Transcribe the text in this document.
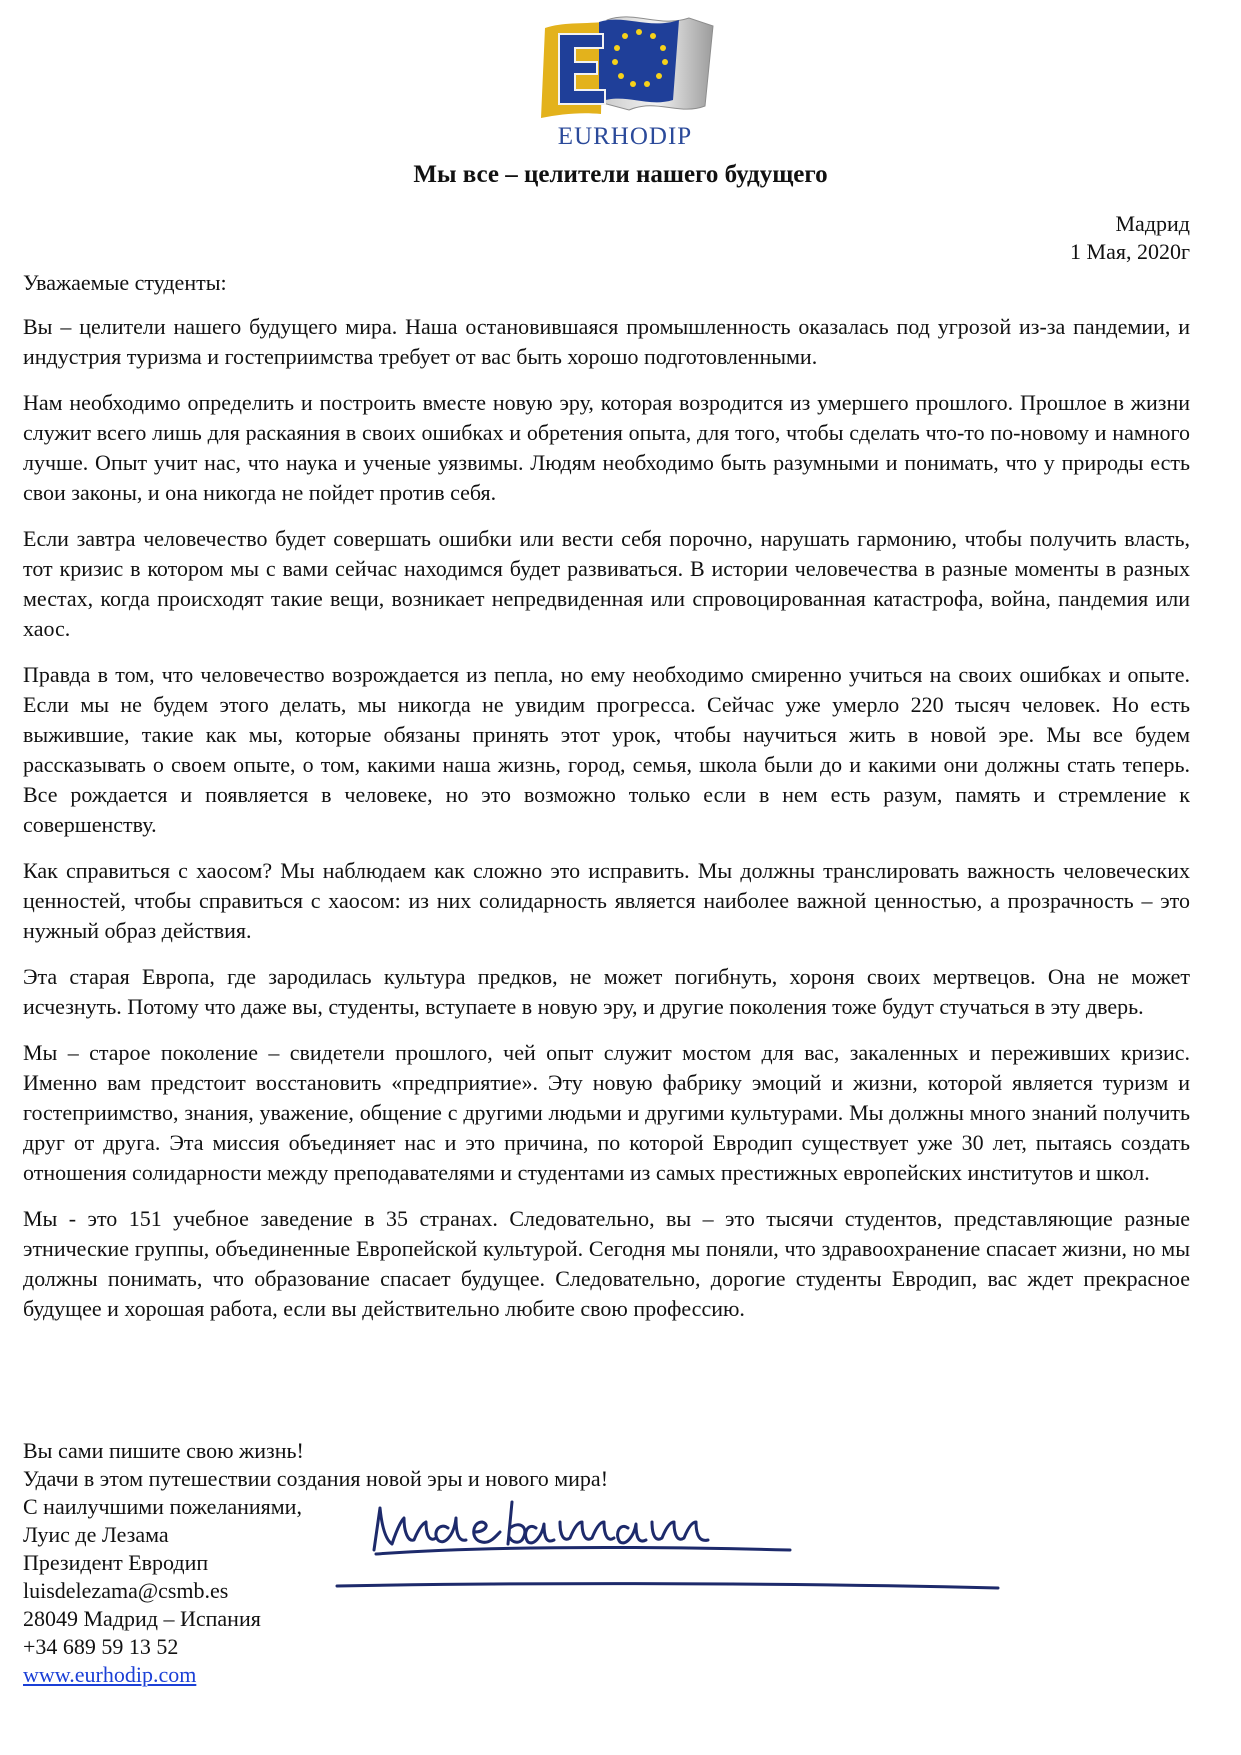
EURHODIP
Мы все – целители нашего будущего
Мадрид
1 Мая, 2020г

Уважаемые студенты:

Вы – целители нашего будущего мира. Наша остановившаяся промышленность оказалась под угрозой из-за пандемии, и индустрия туризма и гостеприимства требует от вас быть хорошо подготовленными.

Нам необходимо определить и построить вместе новую эру, которая возродится из умершего прошлого. Прошлое в жизни служит всего лишь для раскаяния в своих ошибках и обретения опыта, для того, чтобы сделать что-то по-новому и намного лучше. Опыт учит нас, что наука и ученые уязвимы. Людям необходимо быть разумными и понимать, что у природы есть свои законы, и она никогда не пойдет против себя.

Если завтра человечество будет совершать ошибки или вести себя порочно, нарушать гармонию, чтобы получить власть, тот кризис в котором мы с вами сейчас находимся будет развиваться. В истории человечества в разные моменты в разных местах, когда происходят такие вещи, возникает непредвиденная или спровоцированная катастрофа, война, пандемия или хаос.

Правда в том, что человечество возрождается из пепла, но ему необходимо смиренно учиться на своих ошибках и опыте. Если мы не будем этого делать, мы никогда не увидим прогресса. Сейчас уже умерло 220 тысяч человек. Но есть выжившие, такие как мы, которые обязаны принять этот урок, чтобы научиться жить в новой эре. Мы все будем рассказывать о своем опыте, о том, какими наша жизнь, город, семья, школа были до и какими они должны стать теперь. Все рождается и появляется в человеке, но это возможно только если в нем есть разум, память и стремление к совершенству.

Как справиться с хаосом? Мы наблюдаем как сложно это исправить. Мы должны транслировать важность человеческих ценностей, чтобы справиться с хаосом: из них солидарность является наиболее важной ценностью, а прозрачность – это нужный образ действия.

Эта старая Европа, где зародилась культура предков, не может погибнуть, хороня своих мертвецов. Она не может исчезнуть. Потому что даже вы, студенты, вступаете в новую эру, и другие поколения тоже будут стучаться в эту дверь.

Мы – старое поколение – свидетели прошлого, чей опыт служит мостом для вас, закаленных и переживших кризис. Именно вам предстоит восстановить «предприятие». Эту новую фабрику эмоций и жизни, которой является туризм и гостеприимство, знания, уважение, общение с другими людьми и другими культурами. Мы должны много знаний получить друг от друга. Эта миссия объединяет нас и это причина, по которой Евродип существует уже 30 лет, пытаясь создать отношения солидарности между преподавателями и студентами из самых престижных европейских институтов и школ.

Мы - это 151 учебное заведение в 35 странах. Следовательно, вы – это тысячи студентов, представляющие разные этнические группы, объединенные Европейской культурой. Сегодня мы поняли, что здравоохранение спасает жизни, но мы должны понимать, что образование спасает будущее. Следовательно, дорогие студенты Евродип, вас ждет прекрасное будущее и хорошая работа, если вы действительно любите свою профессию.

Вы сами пишите свою жизнь!
Удачи в этом путешествии создания новой эры и нового мира!
С наилучшими пожеланиями,
Луис де Лезама
Президент Евродип
luisdelezama@csmb.es
28049 Мадрид – Испания
+34 689 59 13 52
www.eurhodip.com
